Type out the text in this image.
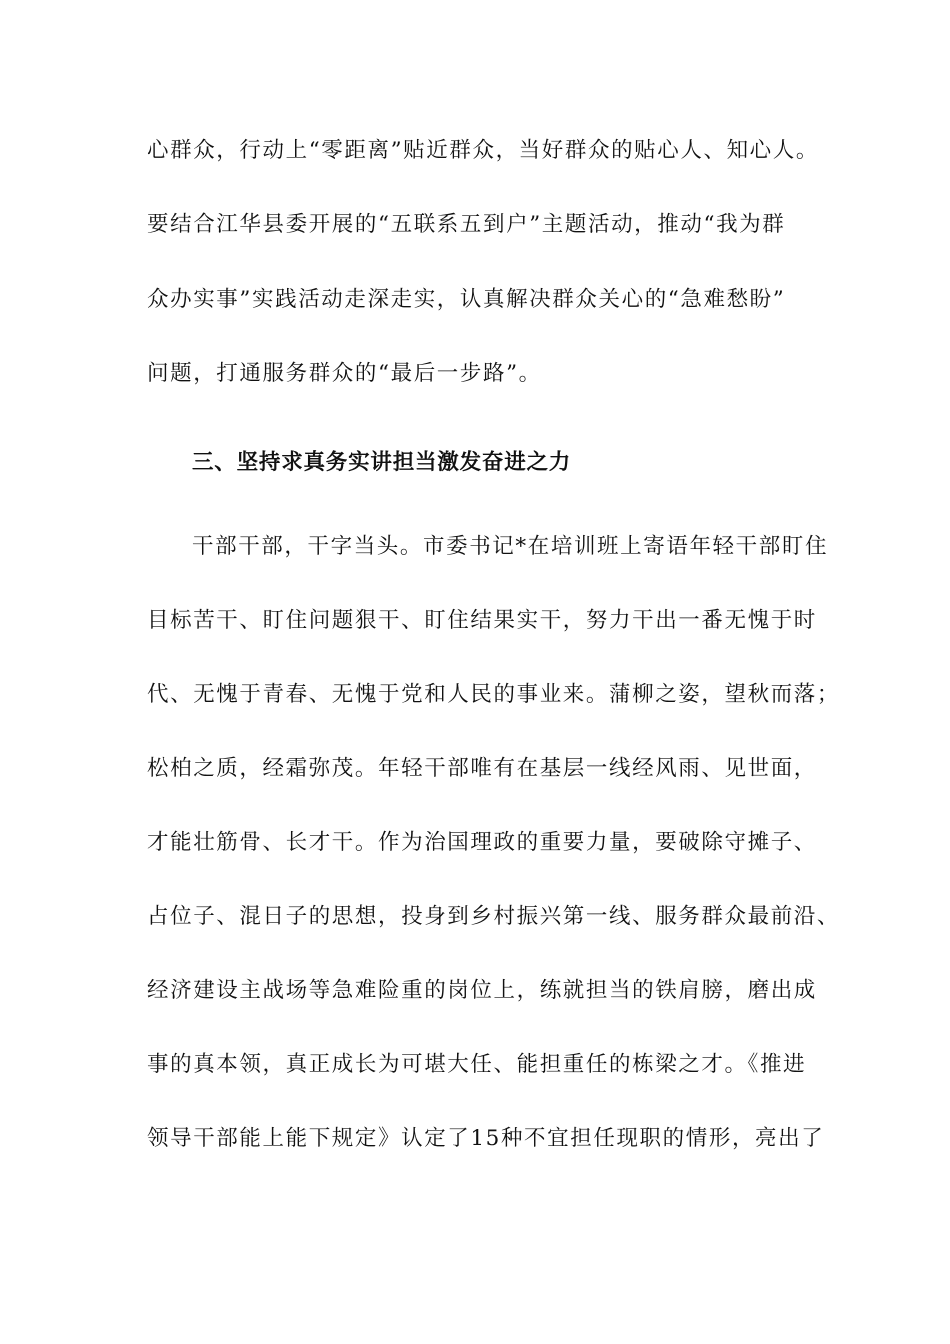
心群众，行动上“零距离”贴近群众，当好群众的贴心人、知心人。
要结合江华县委开展的“五联系五到户”主题活动，推动“我为群
众办实事”实践活动走深走实，认真解决群众关心的“急难愁盼”
问题，打通服务群众的“最后一步路”。
三、坚持求真务实讲担当激发奋进之力
干部干部，干字当头。市委书记*在培训班上寄语年轻干部盯住
目标苦干、盯住问题狠干、盯住结果实干，努力干出一番无愧于时
代、无愧于青春、无愧于党和人民的事业来。蒲柳之姿，望秋而落；
松柏之质，经霜弥茂。年轻干部唯有在基层一线经风雨、见世面，
才能壮筋骨、长才干。作为治国理政的重要力量，要破除守摊子、
占位子、混日子的思想，投身到乡村振兴第一线、服务群众最前沿、
经济建设主战场等急难险重的岗位上，练就担当的铁肩膀，磨出成
事的真本领，真正成长为可堪大任、能担重任的栋梁之才。《推进
领导干部能上能下规定》认定了15种不宜担任现职的情形，亮出了
